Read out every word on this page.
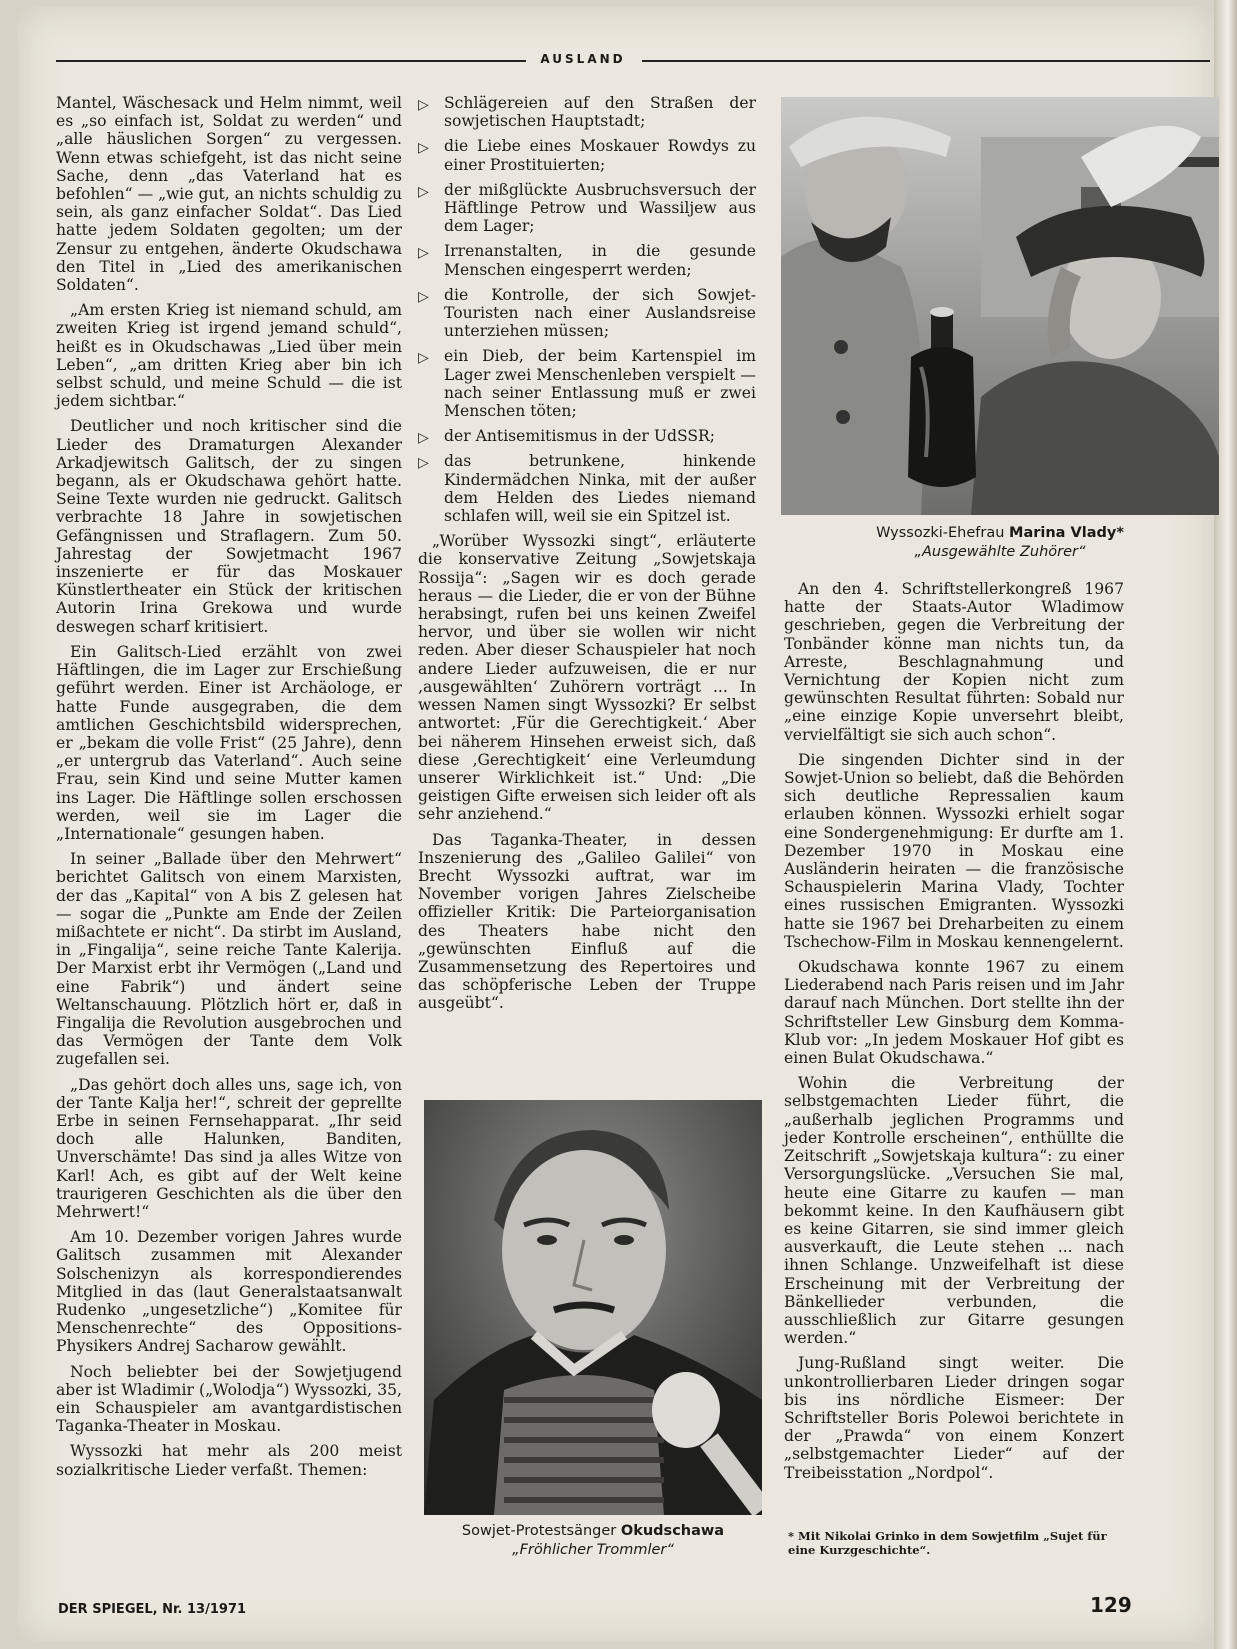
AUSLAND

Mantel, Wäschesack und Helm nimmt, weil es „so einfach ist, Soldat zu werden“ und „alle häuslichen Sorgen“ zu vergessen. Wenn etwas schiefgeht, ist das nicht seine Sache, denn „das Vaterland hat es befohlen“ — „wie gut, an nichts schuldig zu sein, als ganz einfacher Soldat“. Das Lied hatte jedem Soldaten gegolten; um der Zensur zu entgehen, änderte Okudschawa den Titel in „Lied des amerikanischen Soldaten“.

„Am ersten Krieg ist niemand schuld, am zweiten Krieg ist irgend jemand schuld“, heißt es in Okudschawas „Lied über mein Leben“, „am dritten Krieg aber bin ich selbst schuld, und meine Schuld — die ist jedem sichtbar.“

Deutlicher und noch kritischer sind die Lieder des Dramaturgen Alexander Arkadjewitsch Galitsch, der zu singen begann, als er Okudschawa gehört hatte. Seine Texte wurden nie gedruckt. Galitsch verbrachte 18 Jahre in sowjetischen Gefängnissen und Straflagern. Zum 50. Jahrestag der Sowjetmacht 1967 inszenierte er für das Moskauer Künstlertheater ein Stück der kritischen Autorin Irina Grekowa und wurde deswegen scharf kritisiert.

Ein Galitsch-Lied erzählt von zwei Häftlingen, die im Lager zur Erschießung geführt werden. Einer ist Archäologe, er hatte Funde ausgegraben, die dem amtlichen Geschichtsbild widersprechen, er „bekam die volle Frist“ (25 Jahre), denn „er untergrub das Vaterland“. Auch seine Frau, sein Kind und seine Mutter kamen ins Lager. Die Häftlinge sollen erschossen werden, weil sie im Lager die „Internationale“ gesungen haben.

In seiner „Ballade über den Mehrwert“ berichtet Galitsch von einem Marxisten, der das „Kapital“ von A bis Z gelesen hat — sogar die „Punkte am Ende der Zeilen mißachtete er nicht“. Da stirbt im Ausland, in „Fingalija“, seine reiche Tante Kalerija. Der Marxist erbt ihr Vermögen („Land und eine Fabrik“) und ändert seine Weltanschauung. Plötzlich hört er, daß in Fingalija die Revolution ausgebrochen und das Vermögen der Tante dem Volk zugefallen sei.

„Das gehört doch alles uns, sage ich, von der Tante Kalja her!“, schreit der geprellte Erbe in seinen Fernsehapparat. „Ihr seid doch alle Halunken, Banditen, Unverschämte! Das sind ja alles Witze von Karl! Ach, es gibt auf der Welt keine traurigeren Geschichten als die über den Mehrwert!“

Am 10. Dezember vorigen Jahres wurde Galitsch zusammen mit Alexander Solschenizyn als korrespondierendes Mitglied in das (laut Generalstaatsanwalt Rudenko „ungesetzliche“) „Komitee für Menschenrechte“ des Oppositions-Physikers Andrej Sacharow gewählt.

Noch beliebter bei der Sowjetjugend aber ist Wladimir („Wolodja“) Wyssozki, 35, ein Schauspieler am avantgardistischen Taganka-Theater in Moskau.

Wyssozki hat mehr als 200 meist sozialkritische Lieder verfaßt. Themen:

▷ Schlägereien auf den Straßen der sowjetischen Hauptstadt;
▷ die Liebe eines Moskauer Rowdys zu einer Prostituierten;
▷ der mißglückte Ausbruchsversuch der Häftlinge Petrow und Wassiljew aus dem Lager;
▷ Irrenanstalten, in die gesunde Menschen eingesperrt werden;
▷ die Kontrolle, der sich Sowjet-Touristen nach einer Auslandsreise unterziehen müssen;
▷ ein Dieb, der beim Kartenspiel im Lager zwei Menschenleben verspielt — nach seiner Entlassung muß er zwei Menschen töten;
▷ der Antisemitismus in der UdSSR;
▷ das betrunkene, hinkende Kindermädchen Ninka, mit der außer dem Helden des Liedes niemand schlafen will, weil sie ein Spitzel ist.

„Worüber Wyssozki singt“, erläuterte die konservative Zeitung „Sowjetskaja Rossija“: „Sagen wir es doch gerade heraus — die Lieder, die er von der Bühne herabsingt, rufen bei uns keinen Zweifel hervor, und über sie wollen wir nicht reden. Aber dieser Schauspieler hat noch andere Lieder aufzuweisen, die er nur ‚ausgewählten‘ Zuhörern vorträgt ... In wessen Namen singt Wyssozki? Er selbst antwortet: ‚Für die Gerechtigkeit.‘ Aber bei näherem Hinsehen erweist sich, daß diese ‚Gerechtigkeit‘ eine Verleumdung unserer Wirklichkeit ist.“ Und: „Die geistigen Gifte erweisen sich leider oft als sehr anziehend.“

Das Taganka-Theater, in dessen Inszenierung des „Galileo Galilei“ von Brecht Wyssozki auftrat, war im November vorigen Jahres Zielscheibe offizieller Kritik: Die Parteiorganisation des Theaters habe nicht den „gewünschten Einfluß auf die Zusammensetzung des Repertoires und das schöpferische Leben der Truppe ausgeübt“.

Wyssozki-Ehefrau Marina Vlady*
„Ausgewählte Zuhörer“

An den 4. Schriftstellerkongreß 1967 hatte der Staats-Autor Wladimow geschrieben, gegen die Verbreitung der Tonbänder könne man nichts tun, da Arreste, Beschlagnahmung und Vernichtung der Kopien nicht zum gewünschten Resultat führten: Sobald nur „eine einzige Kopie unversehrt bleibt, vervielfältigt sie sich auch schon“.

Die singenden Dichter sind in der Sowjet-Union so beliebt, daß die Behörden sich deutliche Repressalien kaum erlauben können. Wyssozki erhielt sogar eine Sondergenehmigung: Er durfte am 1. Dezember 1970 in Moskau eine Ausländerin heiraten — die französische Schauspielerin Marina Vlady, Tochter eines russischen Emigranten. Wyssozki hatte sie 1967 bei Dreharbeiten zu einem Tschechow-Film in Moskau kennengelernt.

Okudschawa konnte 1967 zu einem Liederabend nach Paris reisen und im Jahr darauf nach München. Dort stellte ihn der Schriftsteller Lew Ginsburg dem Komma-Klub vor: „In jedem Moskauer Hof gibt es einen Bulat Okudschawa.“

Wohin die Verbreitung der selbstgemachten Lieder führt, die „außerhalb jeglichen Programms und jeder Kontrolle erscheinen“, enthüllte die Zeitschrift „Sowjetskaja kultura“: zu einer Versorgungslücke. „Versuchen Sie mal, heute eine Gitarre zu kaufen — man bekommt keine. In den Kaufhäusern gibt es keine Gitarren, sie sind immer gleich ausverkauft, die Leute stehen ... nach ihnen Schlange. Unzweifelhaft ist diese Erscheinung mit der Verbreitung der Bänkellieder verbunden, die ausschließlich zur Gitarre gesungen werden.“

Jung-Rußland singt weiter. Die unkontrollierbaren Lieder dringen sogar bis ins nördliche Eismeer: Der Schriftsteller Boris Polewoi berichtete in der „Prawda“ von einem Konzert „selbstgemachter Lieder“ auf der Treibeisstation „Nordpol“.

Sowjet-Protestsänger Okudschawa
„Fröhlicher Trommler“
* Mit Nikolai Grinko in dem Sowjetfilm „Sujet für eine Kurzgeschichte“.
DER SPIEGEL, Nr. 13/1971	129
